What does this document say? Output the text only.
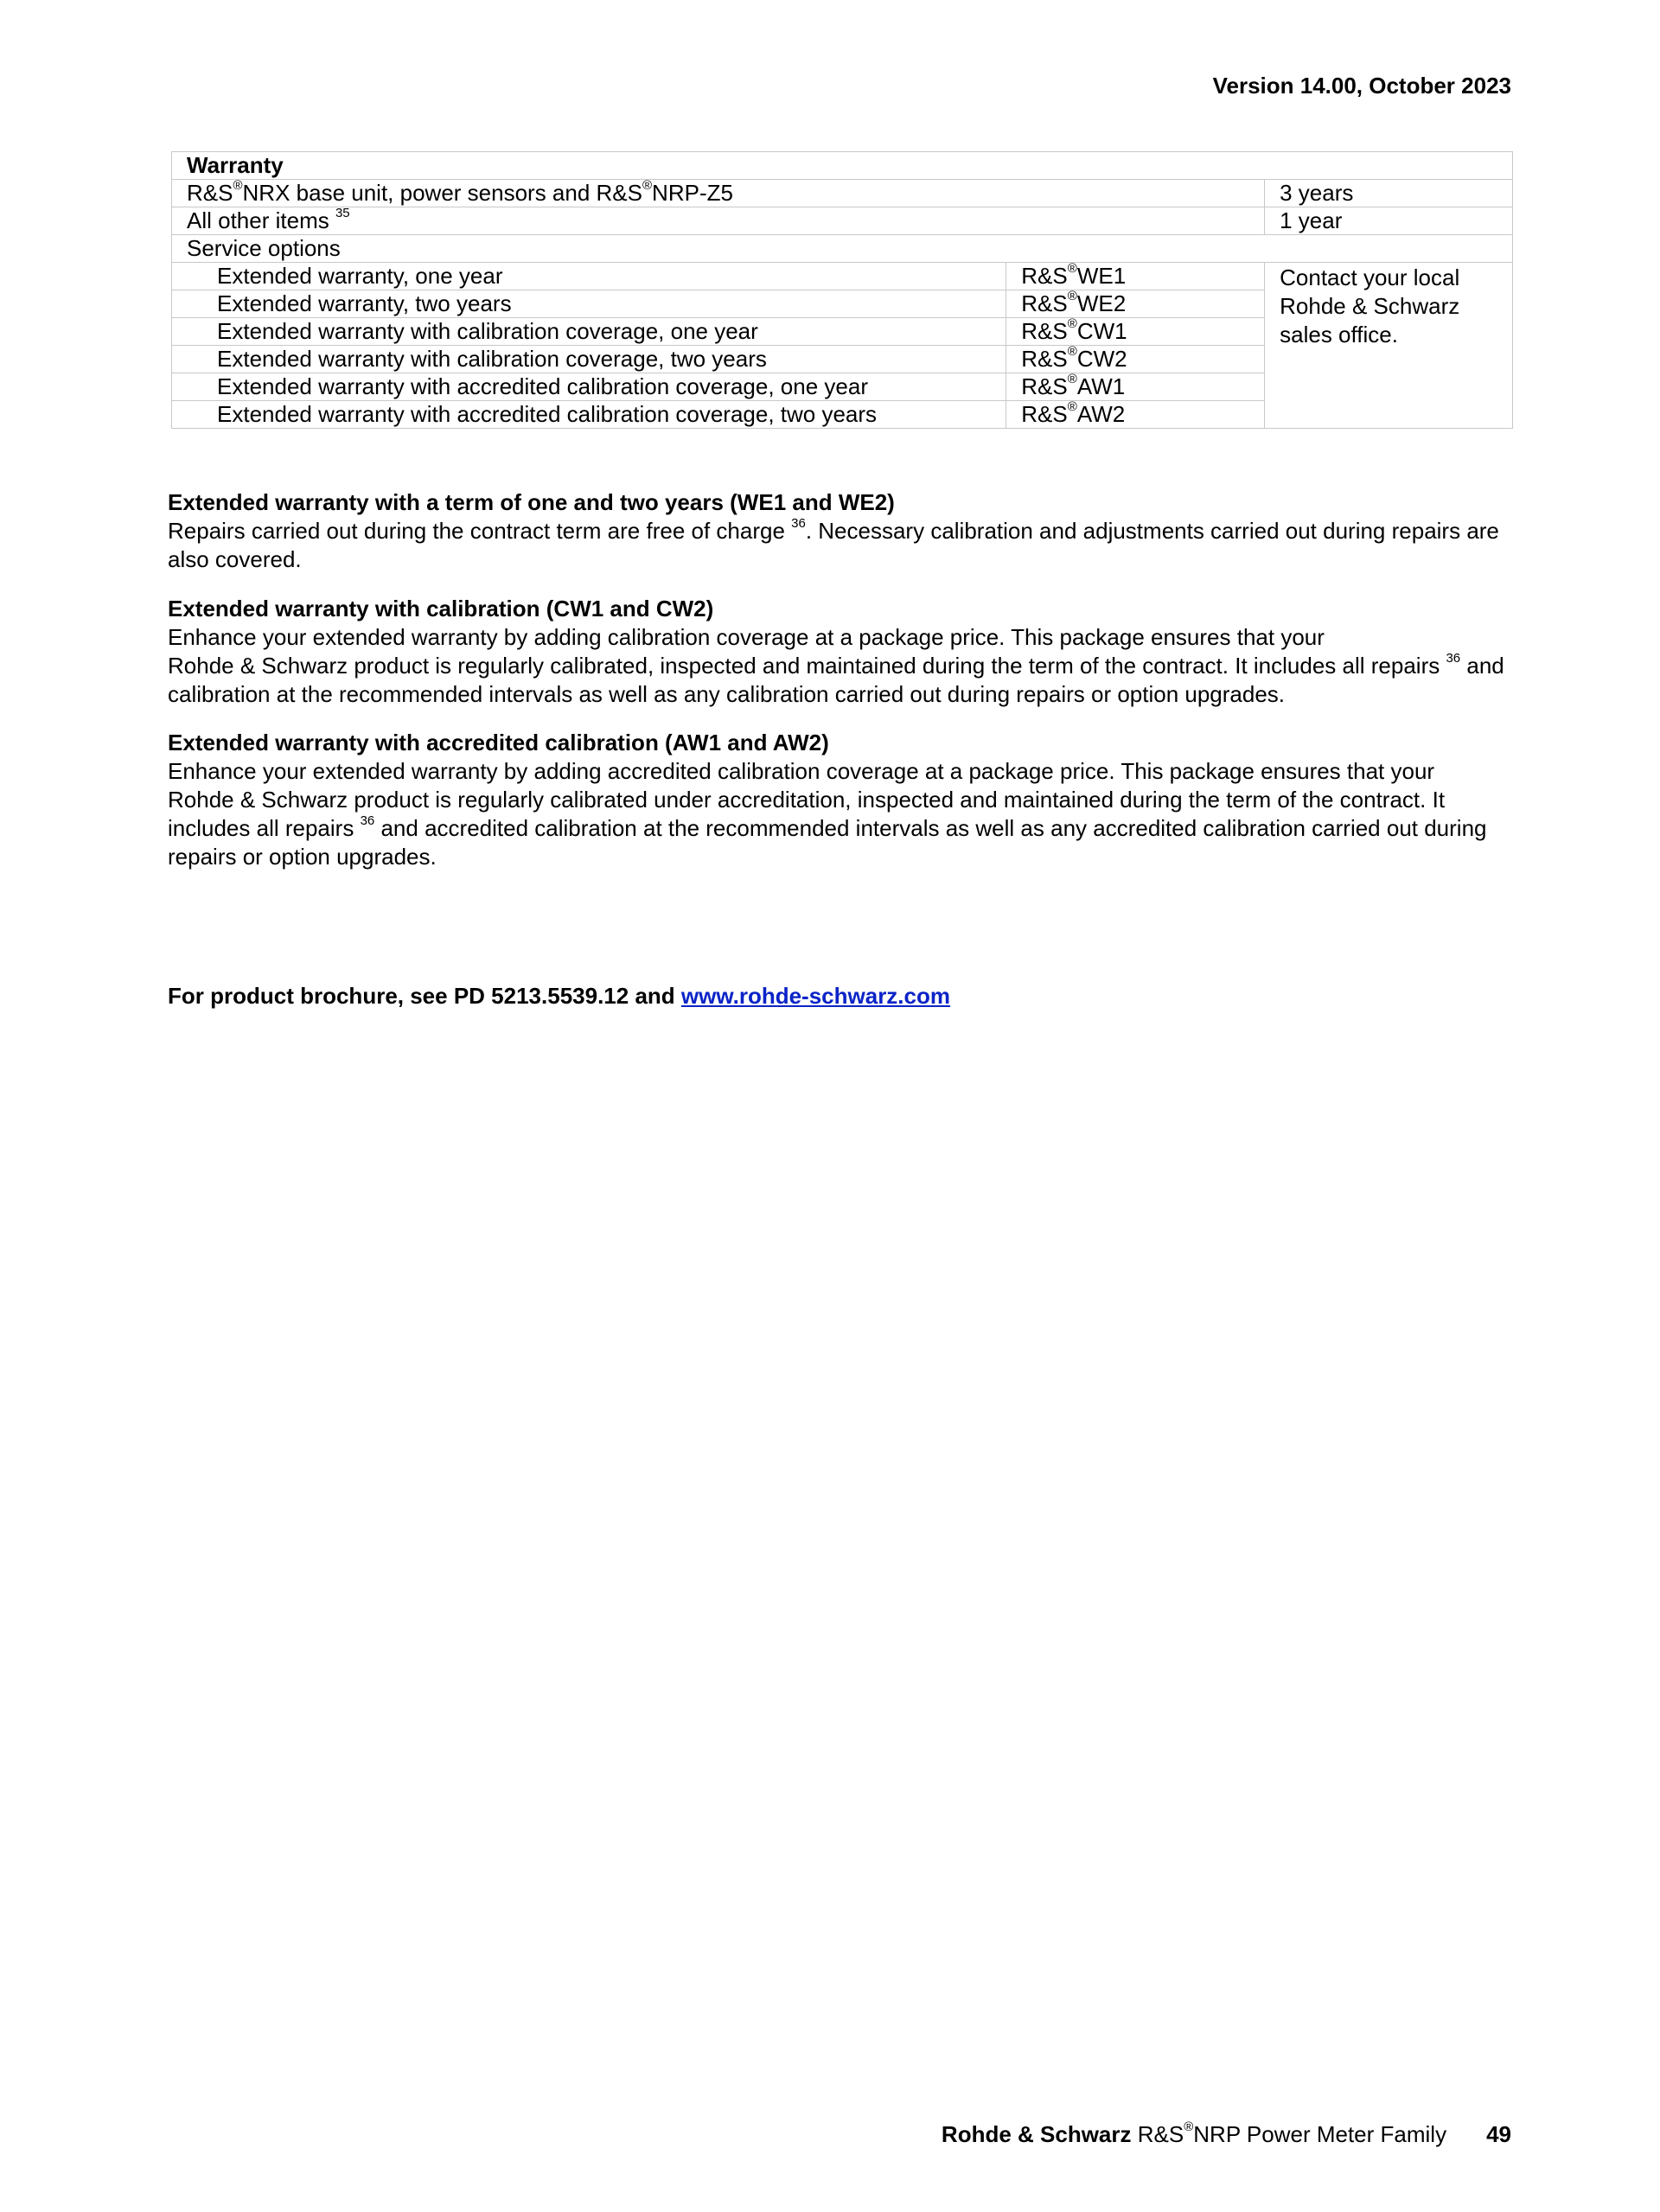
Version 14.00, October 2023
Warranty		
R&S®NRX base unit, power sensors and R&S®NRP-Z5		3 years
All other items $^{35}$		1 year
Service options		
Extended warranty, one year	R&S®WE1	Contact your local Rohde & Schwarz sales office.
Extended warranty, two years	R&S®WE2	
Extended warranty with calibration coverage, one year	R&S®CW1	
Extended warranty with calibration coverage, two years	R&S®CW2	
Extended warranty with accredited calibration coverage, one year	R&S®AW1	
Extended warranty with accredited calibration coverage, two years	R&S®AW2	
Extended warranty with a term of one and two years (WE1 and WE2)
Repairs carried out during the contract term are free of charge $^{36}$. Necessary calibration and adjustments carried out during repairs are also covered.
Extended warranty with calibration (CW1 and CW2)
Enhance your extended warranty by adding calibration coverage at a package price. This package ensures that your
Rohde & Schwarz product is regularly calibrated, inspected and maintained during the term of the contract. It includes all repairs $^{36}$ and calibration at the recommended intervals as well as any calibration carried out during repairs or option upgrades.
Extended warranty with accredited calibration (AW1 and AW2)
Enhance your extended warranty by adding accredited calibration coverage at a package price. This package ensures that your
Rohde & Schwarz product is regularly calibrated under accreditation, inspected and maintained during the term of the contract. It includes all repairs $^{36}$ and accredited calibration at the recommended intervals as well as any accredited calibration carried out during repairs or option upgrades.
For product brochure, see PD 5213.5539.12 and www.rohde-schwarz.com
Rohde & Schwarz R&S®NRP Power Meter Family 49
